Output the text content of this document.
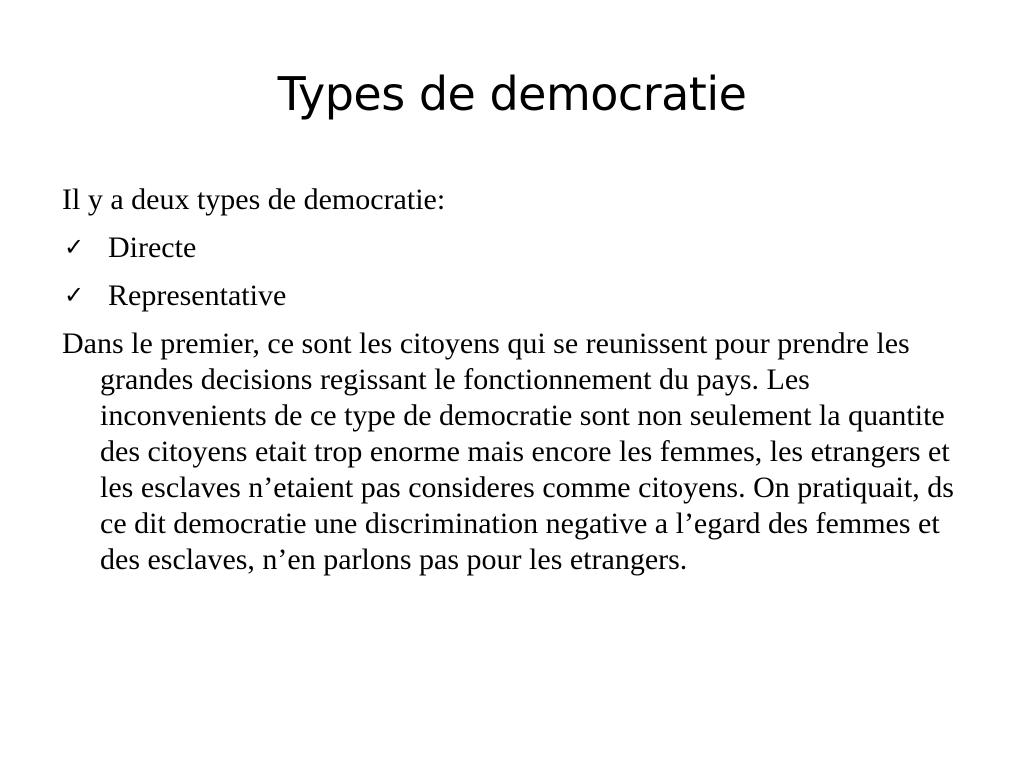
Types de democratie

Il y a deux types de democratie:

✓ Directe
✓ Representative

Dans le premier, ce sont les citoyens qui se reunissent pour prendre les grandes decisions regissant le fonctionnement du pays. Les inconvenients de ce type de democratie sont non seulement la quantite des citoyens etait trop enorme mais encore les femmes, les etrangers et les esclaves n’etaient pas consideres comme citoyens. On pratiquait, ds ce dit democratie une discrimination negative a l’egard des femmes et des esclaves, n’en parlons pas pour les etrangers.
